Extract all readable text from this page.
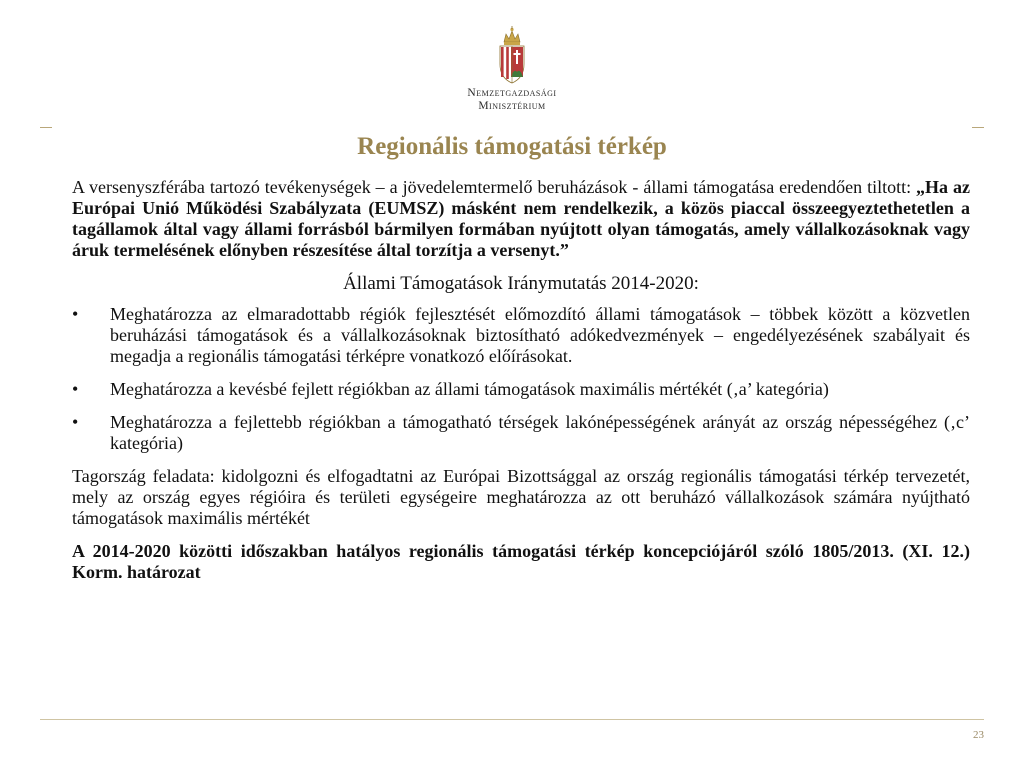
Nemzetgazdasági
Minisztérium
Regionális támogatási térkép

A versenyszférába tartozó tevékenységek – a jövedelemtermelő beruházások - állami támogatása eredendően tiltott: „Ha az Európai Unió Működési Szabályzata (EUMSZ) másként nem rendelkezik, a közös piaccal összeegyeztethetetlen a tagállamok által vagy állami forrásból bármilyen formában nyújtott olyan támogatás, amely vállalkozásoknak vagy áruk termelésének előnyben részesítése által torzítja a versenyt.”

Állami Támogatások Iránymutatás 2014-2020:

• Meghatározza az elmaradottabb régiók fejlesztését előmozdító állami támogatások – többek között a közvetlen beruházási támogatások és a vállalkozásoknak biztosítható adókedvezmények – engedélyezésének szabályait és megadja a regionális támogatási térképre vonatkozó előírásokat.
• Meghatározza a kevésbé fejlett régiókban az állami támogatások maximális mértékét (‚a’ kategória)
• Meghatározza a fejlettebb régiókban a támogatható térségek lakónépességének arányát az ország népességéhez (‚c’ kategória)

Tagország feladata: kidolgozni és elfogadtatni az Európai Bizottsággal az ország regionális támogatási térkép tervezetét, mely az ország egyes régióira és területi egységeire meghatározza az ott beruházó vállalkozások számára nyújtható támogatások maximális mértékét

A 2014-2020 közötti időszakban hatályos regionális támogatási térkép koncepciójáról szóló 1805/2013. (XI. 12.) Korm. határozat

23
